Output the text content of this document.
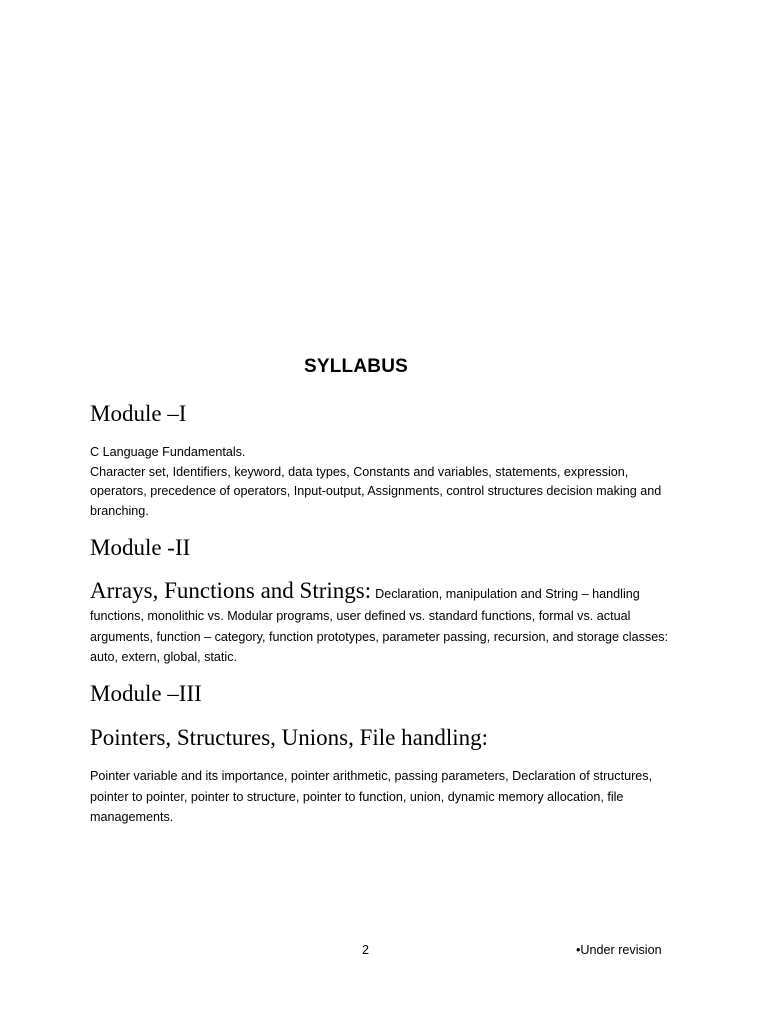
SYLLABUS
Module –I
C Language Fundamentals.
Character set, Identifiers, keyword, data types, Constants and variables, statements, expression, operators, precedence of operators, Input-output, Assignments, control structures decision making and branching.
Module -II
Arrays, Functions and Strings: Declaration, manipulation and String – handling
functions, monolithic vs. Modular programs, user defined vs. standard functions, formal vs. actual arguments, function – category, function prototypes, parameter passing, recursion, and storage classes: auto, extern, global, static.
Module –III
Pointers, Structures, Unions, File handling:
Pointer variable and its importance, pointer arithmetic, passing parameters, Declaration of structures, pointer to pointer, pointer to structure, pointer to function, union, dynamic memory allocation, file managements.
2	•Under revision
